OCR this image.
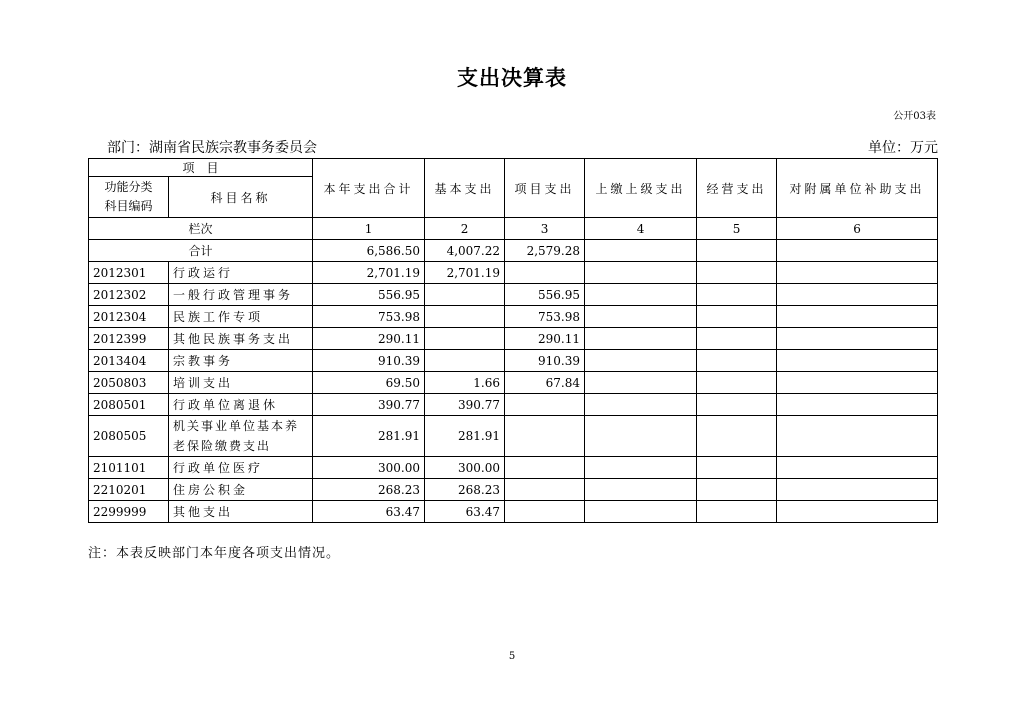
支出决算表
公开03表
部门：湖南省民族宗教事务委员会	单位：万元
项　目		本年支出合计	基本支出	项目支出	上缴上级支出	经营支出	对附属单位补助支出
功能分类
科目编码	科目名称						
栏次		1	2	3	4	5	6
合计		6,586.50	4,007.22	2,579.28			
2012301	行政运行	2,701.19	2,701.19				
2012302	一般行政管理事务	556.95		556.95			
2012304	民族工作专项	753.98		753.98			
2012399	其他民族事务支出	290.11		290.11			
2013404	宗教事务	910.39		910.39			
2050803	培训支出	69.50	1.66	67.84			
2080501	行政单位离退休	390.77	390.77				
2080505	机关事业单位基本养老保险缴费支出	281.91	281.91				
2101101	行政单位医疗	300.00	300.00				
2210201	住房公积金	268.23	268.23				
2299999	其他支出	63.47	63.47				
注：本表反映部门本年度各项支出情况。
5
